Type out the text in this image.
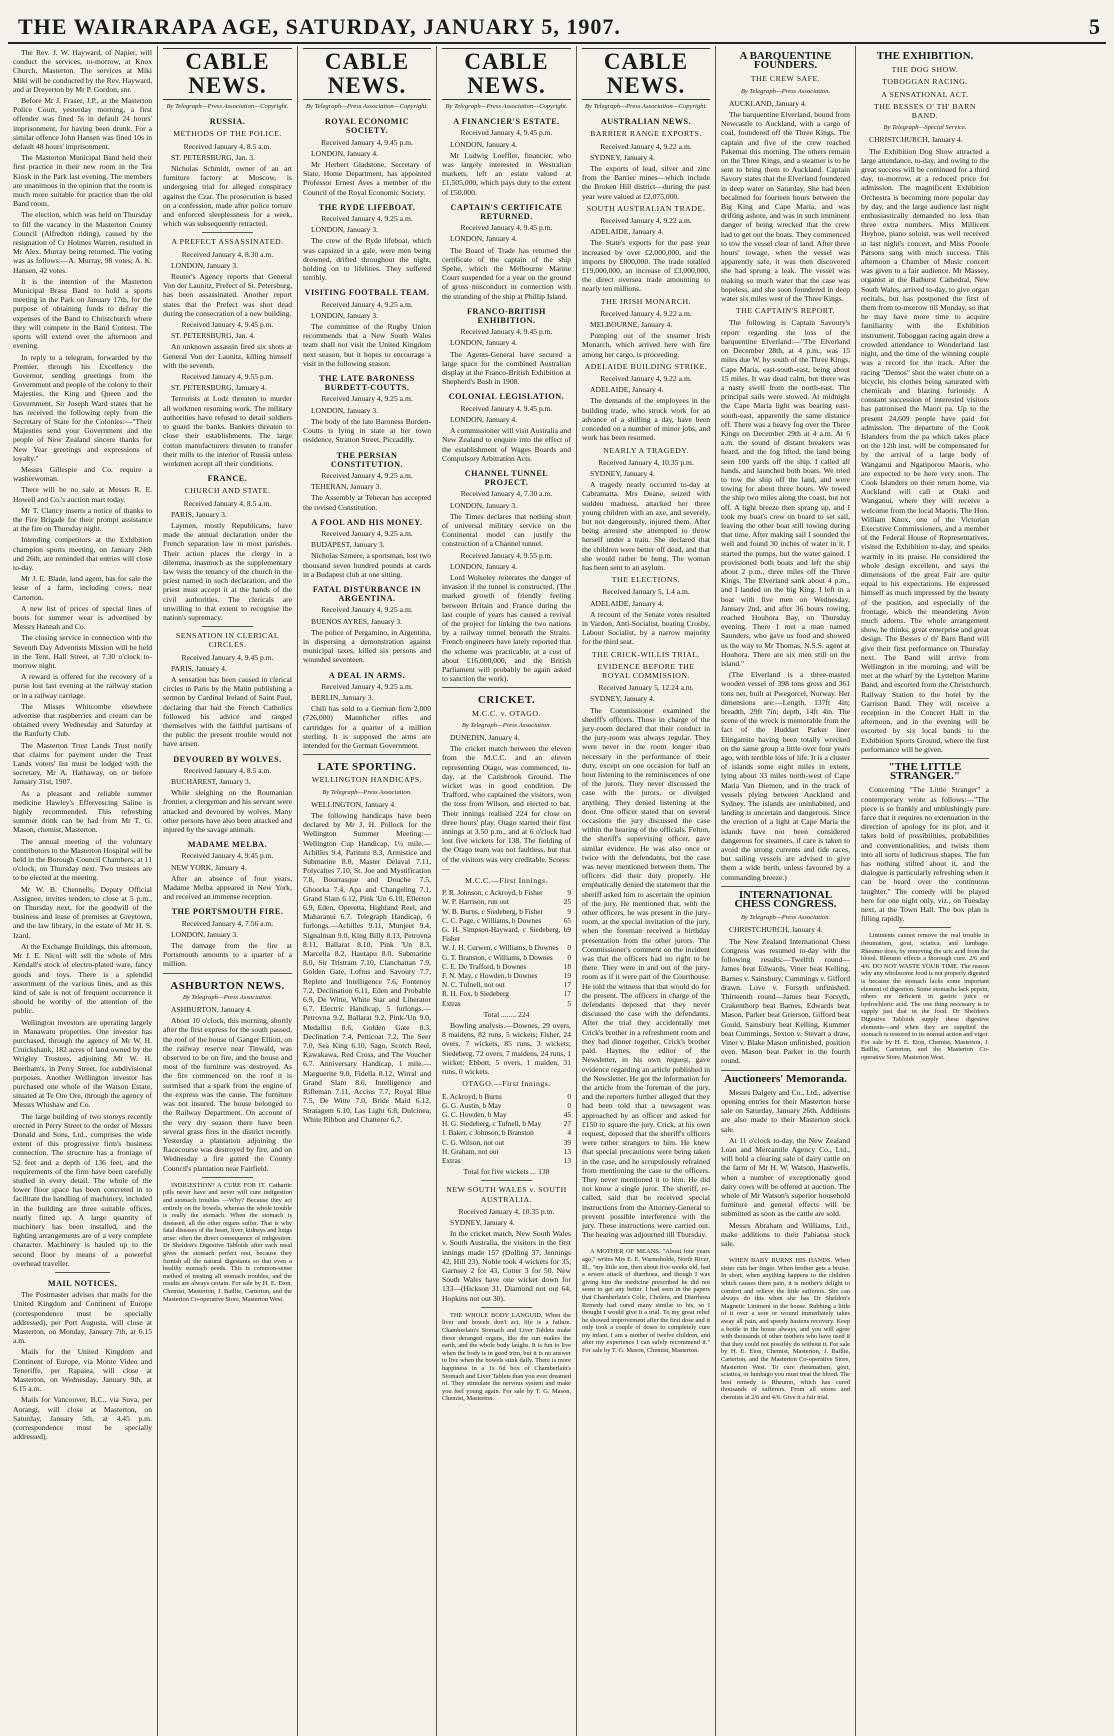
THE WAIRARAPA AGE, SATURDAY, JANUARY 5, 1907.	5

The Rev. J. W. Hayward, of Napier, will conduct the services, to-morrow, at Knox Church, Masterton. The services at Miki Miki will be conducted by the Rev. Hayward, and at Dreyerton by Mr P. Gordon, snr.

Before Mr J. Fraser, J.P., at the Masterton Police Court, yesterday morning, a first offender was fined 5s in default 24 hours' imprisonment, for having been drunk. For a similar offence John Hansen was fined 10s in default 48 hours' imprisonment.

The Masterton Municipal Band held their first practice in their new room in the Tea Kiosk in the Park last evening. The members are unanimous in the opinion that the room is much more suitable for practice than the old Band room.

The election, which was held on Thursday to fill the vacancy in the Masterton County Council (Alfredton riding), caused by the resignation of Cr Holmes Warren, resulted in Mr Alex. Murray being returned. The voting was as follows:—A. Murray, 98 votes; A. K. Hansen, 42 votes.

It is the intention of the Masterton Municipal Brass Band to hold a sports meeting in the Park on January 17th, for the purpose of obtaining funds to defray the expenses of the Band to Christchurch where they will compete in the Band Contest. The sports will extend over the afternoon and evening.

In reply to a telegram, forwarded by the Premier, through his Excellency the Governor, sending greetings from the Government and people of the colony to their Majesties, the King and Queen and the Government, Sir Joseph Ward states that he has received the following reply from the Secretary of State for the Colonies:—"Their Majesties send your Government and the people of New Zealand sincere thanks for New Year greetings and expressions of loyalty."

Messrs Gillespie and Co. require a washerwoman.

There will be no sale at Messrs R. E. Howell and Co.'s auction mart today.

Mr T. Clancy inserts a notice of thanks to the Fire Brigade for their prompt assistance at the fire on Thursday night.

Intending competitors at the Exhibition champion sports meeting, on January 24th and 26th, are reminded that entries will close to-day.

Mr J. E. Blade, land agent, has for sale the lease of a farm, including cows, near Carterton.

A new list of prices of special lines of boots for summer wear is advertised by Messrs Hannah and Co.

The closing service in connection with the Seventh Day Adventists Mission will be held in the Tent, Hall Street, at 7.30 o'clock to-morrow night.

A reward is offered for the recovery of a purse lost last evening at the railway station or in a railway carriage.

The Misses Whitcombe elsewhere advertise that raspberries and cream can be obtained every Wednesday and Saturday at the Ranfurly Club.

The Masterton Trust Lands Trust notify that claims for payment under the Trust Lands voters' list must be lodged with the secretary, Mr A. Hathaway, on or before January 31st, 1907.

As a pleasant and reliable summer medicine Hawley's Effervescing Saline is highly recommended. This refreshing summer drink can be had from Mr T. G. Mason, chemist, Masterton.

The annual meeting of the voluntary contributors to the Masterton Hospital will be held in the Borough Council Chambers, at 11 o'clock, on Thursday next. Two trustees are to be elected at the meeting.

Mr W. B. Chennells, Deputy Official Assignee, invites tenders to close at 5 p.m., on Thursday next, for the goodwill of the business and lease of premises at Greytown, and the law library, in the estate of Mr H. S. Izard.

At the Exchange Buildings, this afternoon, Mr J. E. Nicol will sell the whole of Mrs Kendall's stock of electro-plated ware, fancy goods and toys. There is a splendid assortment of the various lines, and as this kind of sale is not of frequent occurrence it should be worthy of the attention of the public.

Wellington investors are operating largely in Manawatu properties. One investor has purchased, through the agency of Mr W. H. Cruickshank, 182 acres of land owned by the Wrigley Trustees, adjoining Mr W. H. Beetham's, in Perry Street, for subdivisional purposes. Another Wellington investor has purchased one whole of the Watson Estate, situated at Te Ore Ore, through the agency of Messrs Whishaw and Co.

The large building of two storeys recently erected in Perry Street to the order of Messrs Donald and Sons, Ltd., comprises the wide extent of this progressive firm's business connection. The structure has a frontage of 52 feet and a depth of 136 feet, and the requirements of the firm have been carefully studied in every detail. The whole of the lower floor space has been concreted in to facilitate the handling of machinery, included in the building are three suitable offices, neatly fitted up. A large quantity of machinery has been installed, and the lighting arrangements are of a very complete character. Machinery is hauled up to the second floor by means of a powerful overhead traveller.

MAIL NOTICES.

The Postmaster advises that mails for the United Kingdom and Continent of Europe (correspondence must be specially addressed), per Port Augusta, will close at Masterton, on Monday, January 7th, at 6.15 a.m.

Mails for the United Kingdom and Continent of Europe, via Monte Video and Teneriffe, per Rapaiea, will close at Masterton, on Wednesday, January 9th, at 6.15 a.m.

Mails for Vancouver, B.C., via Suva, per Aorangi, will close at Masterton, on Saturday, January 5th, at 4.45 p.m. (correspondence must be specially addressed).

CABLE NEWS.
By Telegraph—Press Association—Copyright.
RUSSIA.
METHODS OF THE POLICE.

Received January 4, 8.5 a.m.

ST. PETERSBURG, Jan. 3.

Nicholas Schmidt, owner of an art furniture factory at Moscow, is undergoing trial for alleged conspiracy against the Czar. The prosecution is based on a confession, made after police torture and enforced sleeplessness for a week, which was subsequently retracted.

A PREFECT ASSASSINATED.

Received January 4, 8.30 a.m.

LONDON, January 3.

Reuter's Agency reports that General Von der Launitz, Prefect of St. Petersburg, has been assassinated. Another report states that the Prefect was shot dead during the consecration of a new building.

Received January 4, 9.45 p.m.

ST. PETERSBURG, Jan. 4.

An unknown assassin fired six shots at General Von der Launitz, killing himself with the seventh.

Received January 4, 9.55 p.m.

ST. PETERSBURG, January 4.

Terrorists at Lodz threaten to murder all workmen resuming work. The military authorities have refused to detail soldiers to guard the banks. Bankers threaten to close their establishments. The large cotton manufacturers threaten to transfer their mills to the interior of Russia unless workmen accept all their conditions.

FRANCE.
CHURCH AND STATE.

Received January 4, 8.5 a.m.

PARIS, January 3.

Laymen, mostly Republicans, have made the annual declaration under the French separation law in most parishes. Their action places the clergy in a dilemma, inasmuch as the supplementary law vests the tenancy of the church in the priest named in such declaration, and the priest must accept it at the hands of the civil authorities. The clericals are unwilling to that extent to recognise the nation's supremacy.

SENSATION IN CLERICAL CIRCLES.

Received January 4, 9.45 p.m.

PARIS, January 4.

A sensation has been caused in clerical circles in Paris by the Matin publishing a sermon by Cardinal Ireland of Saint Paul, declaring that had the French Catholics followed his advice and ranged themselves with the faithful partisans of the public the present trouble would not have arisen.

DEVOURED BY WOLVES.

Received January 4, 8.5 a.m.

BUCHAREST, January 3.

While sleighing on the Roumanian frontier, a clergyman and his servant were attacked and devoured by wolves. Many other persons have also been attacked and injured by the savage animals.

MADAME MELBA.

Received January 4, 9.45 p.m.

NEW YORK, January 4.

After an absence of four years, Madame Melba appeared in New York, and received an immense reception.

THE PORTSMOUTH FIRE.

Received January 4, 7.56 a.m.

LONDON, January 3.

The damage from the fire at Portsmouth amounts to a quarter of a million.

ASHBURTON NEWS.
By Telegraph—Press Association.

ASHBURTON, January 4.

About 10 o'clock, this morning, shortly after the first express for the south passed, the roof of the house of Ganger Elliott, on the railway reserve near Tinwald, was observed to be on fire, and the house and most of the furniture was destroyed. As the fire commenced on the roof it is surmised that a spark from the engine of the express was the cause. The furniture was not insured. The house belonged to the Railway Department. On account of the very dry season there have been several grass fires in the district recently. Yesterday a plantation adjoining the Racecourse was destroyed by fire, and on Wednesday a fire gutted the County Council's plantation near Fairfield.

INDIGESTION? A CURE FOR IT. Cathartic pills never have and never will cure indigestion and stomach troubles —Why? Because they act entirely on the bowels, whereas the whole trouble is really the stomach. When the stomach is diseased, all the other organs suffer. That is why fatal diseases of the heart, liver, kidneys and lungs arise: often the direct consequence of indigestion. Dr Sheldon's Digestive Tabloids after each meal gives the stomach perfect rest, because they furnish all the natural digestants so that even a healthy stomach needs. This is common-sense method of treating all stomach troubles, and the results are always certain. For sale by H. E. Eton, Chemist, Masterton, J. Baillie, Carterton, and the Masterton Co-operative Store, Masterton West.

CABLE NEWS.
By Telegraph—Press Association—Copyright.
ROYAL ECONOMIC SOCIETY.

Received January 4, 9.45 p.m.

LONDON, January 4.

Mr Herbert Gladstone, Secretary of State, Home Department, has appointed Professor Ernest Aves a member of the Council of the Royal Economic Society.

THE RYDE LIFEBOAT.

Received January 4, 9.25 a.m.

LONDON, January 3.

The crew of the Ryde lifeboat, which was capsized in a gale, were men being drowned, drifted throughout the night, holding on to lifelines. They suffered terribly.

VISITING FOOTBALL TEAM.

Received January 4, 9.25 a.m.

LONDON, January 3.

The committee of the Rugby Union recommends that a New South Wales team shall not visit the United Kingdom next season, but it hopes to encourage a visit in the following season.

THE LATE BARONESS BURDETT-COUTTS.

Received January 4, 9.25 a.m.

LONDON, January 3.

The body of the late Baroness Burdett-Coutts is lying in state at her town residence, Stratton Street, Piccadilly.

THE PERSIAN CONSTITUTION.

Received January 4, 9.25 a.m.

TEHERAN, January 3.

The Assembly at Teheran has accepted the revised Constitution.

A FOOL AND HIS MONEY.

Received January 4, 9.25 a.m.

BUDAPEST, January 3.

Nicholas Szmere, a sportsman, lost two thousand seven hundred pounds at cards in a Budapest club at one sitting.

FATAL DISTURBANCE IN ARGENTINA.

Received January 4, 9.25 a.m.

BUENOS AYRES, January 3.

The police of Pergamino, in Argentina, in dispersing a demonstration against municipal taxes, killed six persons and wounded seventeen.

A DEAL IN ARMS.

Received January 4, 9.25 a.m.

BERLIN, January 3.

Chili has sold to a German firm 2,000 (726,000) Mannlicher rifles and cartridges for a quarter of a million sterling. It is supposed the arms are intended for the German Government.

LATE SPORTING.
WELLINGTON HANDICAPS.
By Telegraph—Press Association.

WELLINGTON, January 4.

The following handicaps have been declared by Mr J. H. Pollock for the Wellington Summer Meeting:— Wellington Cup Handicap, 1½ mile.—Achilles 9.4, Paritutu 8.3, Armistice and Submarine 8.0, Master Delaval 7.11, Polycaltes 7.10, St. Joe and Mystification 7.8, Bourrasque and Douche 7.5, Ghoorka 7.4, Apa and Changeling 7.1, Grand Slam 6.12, Pink 'Un 6.10, Ellerton 6.9, Eden, Operetta, Highland Reel, and Maharanui 6.7. Telegraph Handicap, 6 furlongs.—Achilles 9.11, Munjeet 9.4, Signalman 9.0, King Billy 8.13, Petrovna 8.11, Ballarat 8.10, Pink 'Un 8.3, Marcella 8.2, Hautapu 8.0, Submarine 8.0, Sir Tristram 7.10, Clanchattan 7.9, Golden Gate, Loftus and Savoury 7.7, Replete and Intelligence 7.6, Fontenoy 7.2, Declination 6.11, Eden and Probable 6.9, De Witte, White Star and Liberator 6.7. Electric Handicap, 5 furlongs.—Petrovna 9.2, Ballarat 9.2, Pink-'Un 9.0, Medallist 8.6, Golden Gate 8.3, Declination 7.4, Petticoat 7.2, The Seer 7.0, Sea King 6.10, Sago, Scotch Reel, Kawakawa, Red Cross, and The Voucher 6.7. Anniversary Handicap, 1 mile.—Marguerite 9.0, Fidella 8.12, Wirral and Grand Slam 8.6, Intelligence and Rifleman 7.11, Accius 7.7, Royal Blue 7.5, De Witte 7.0, Bride Maid 6.12, Stratagem 6.10, Las Light 6.8, Dulcinea, White Ribbon and Chatterer 6.7.

CABLE NEWS.
By Telegraph—Press Association—Copyright.
A FINANCIER'S ESTATE.

Received January 4, 9.45 p.m.

LONDON, January 4.

Mr Ludwig Loeffler, financier, who was largely interested in Westralian markets, left an estate valued at £1,505,000, which pays duty to the extent of £50,000.

CAPTAIN'S CERTIFICATE RETURNED.

Received January 4, 9.45 p.m.

LONDON, January 4.

The Board of Trade has returned the certificate of the captain of the ship Spehe, which the Melbourne Marine Court suspended for a year on the ground of gross misconduct in connection with the stranding of the ship at Phillip Island.

FRANCO-BRITISH EXHIBITION.

Received January 4, 9.45 p.m.

LONDON, January 4.

The Agents-General have secured a large space for the combined Australian display at the Franco-British Exhibition at Shepherd's Bush in 1908.

COLONIAL LEGISLATION.

Received January 4, 9.45 p.m.

LONDON, January 4.

A commissioner will visit Australia and New Zealand to enquire into the effect of the establishment of Wages Boards and Compulsory Arbitration Acts.

CHANNEL TUNNEL PROJECT.

Received January 4, 7.30 a.m.

LONDON, January 3.

The Times declares that nothing short of universal military service on the Continental model can justify the construction of a Channel tunnel.

Received January 4, 9.55 p.m.

LONDON, January 4.

Lord Wolseley reiterates the danger of invasion if the tunnel is constructed. (The marked growth of friendly feeling between Britain and France during the last couple of years has caused a revival of the project for linking the two nations by a railway tunnel beneath the Straits. French engineers have lately reported that the scheme was practicable, at a cost of about £16,000,000, and the British Parliament will probably be again asked to sanction the work).

CRICKET.
M.C.C. v. OTAGO.
By Telegraph—Press Association.

DUNEDIN, January 4.

The cricket match between the eleven from the M.C.C. and an eleven representing Otago, was commenced, to-day, at the Carisbrook Ground. The wicket was in good condition. De Trafford, who captained the visitors, won the toss from Wilson, and elected to bat. Their innings realised 224 for close on three hours' play. Otago started their first innings at 3.50 p.m., and at 6 o'clock had lost five wickets for 138. The fielding of the Otago team was not faultless, but that of the visitors was very creditable. Scores:—

M.C.C.—First Innings.
P. R. Johnson, c Ackroyd, b Fisher	9
W. P. Harrison, run out	25
W. B. Burns, c Siedeberg, b Fisher	9
C. C. Page, c Williams, b Downes	65
G. H. Simpson-Hayward, c Siedeberg, b Fisher
9
W. J. H. Curwen, c Williams, b Downes 0
G. T. Branston, c Williams, b Downes 0
C. E. De Trafford, b Downes	18
F. N. May, c Howden, b Downes	19
N. C. Tufnell, not out	17
R. H. Fox, b Siedeberg	17
Extras	5

Total ........ 224

Bowling analysis.—Downes, 29 overs, 8 maidens, 82 runs, 5 wickets; Fisher, 24 overs, 7 wickets, 85 runs, 3 wickets; Siedeberg, 72 overs, 7 maidens, 24 runs, 1 wicket; Ebbott, 5 overs, 1 maiden, 31 runs, 0 wickets.

OTAGO.—First Innings.
E. Ackroyd, b Burns	0
G. G. Austin, b May	0
G. C. Howden, b May	45
H. G. Siedeberg, c Tufnell, b May	27
J. Baker, c Johnson, b Branston	4
C. G. Wilson, not out	39
H. Graham, not out	13
Extras	13

Total for five wickets ... 138

NEW SOUTH WALES v. SOUTH AUSTRALIA.

Received January 4, 10.35 p.m.

SYDNEY, January 4.

In the cricket match, New South Wales v. South Australia, the visitors in the first innings made 157 (Dolling 37, Jennings 42, Hill 23). Noble took 4 wickets for 35, Garnsey 2 for 43, Cotter 3 for 50. New South Wales have one wicket down for 133—(Hickson 31, Diamond not out 64, Hopkins not out 30).

THE WHOLE BODY LANGUID. When the liver and bowels don't act, life is a failure. Chamberlain's Stomach and Liver Tablets make those deranged organs, like the sun makes the earth, and the whole body laughs. It is fun to live when the body is in good trim, but it is no answer to live when the bowels stink daily. There is more happiness in a 1s 6d box of Chamberlain's Stomach and Liver Tablets than you ever dreamed of. They stimulate the nervous system and make you feel young again. For sale by T. G. Mason, Chemist, Masterton.

CABLE NEWS.
By Telegraph—Press Association—Copyright.
AUSTRALIAN NEWS.
BARRIER RANGE EXPORTS.

Received January 4, 9.22 a.m.

SYDNEY, January 4.

The exports of lead, silver and zinc from the Barrier mines—which include the Broken Hill district—during the past year were valued at £2,075,000.

SOUTH AUSTRALIAN TRADE.

Received January 4, 9.22 a.m.

ADELAIDE, January 4.

The State's exports for the past year increased by over £2,000,000, and the imports by £800,000. The trade totalled £19,000,000, an increase of £3,000,000, the direct oversea trade amounting to nearly ten millions.

THE IRISH MONARCH.

Received January 4, 9.22 a.m.

MELBOURNE, January 4.

Pumping out of the steamer Irish Monarch, which arrived here with fire among her cargo, is proceeding.

ADELAIDE BUILDING STRIKE.

Received January 4, 9.22 a.m.

ADELAIDE, January 4.

The demands of the employees in the building trade, who struck work for an advance of a shilling a day, have been conceded on a number of minor jobs, and work has been resumed.

NEARLY A TRAGEDY.

Received January 4, 10.35 p.m.

SYDNEY, January 4.

A tragedy nearly occurred to-day at Cabramatta. Mrs Deane, seized with sudden madness, attacked her three young children with an axe, and severely, but not dangerously, injured them. After being arrested she attempted to throw herself under a train. She declared that the children were better off dead, and that she would rather be hung. The woman has been sent to an asylum.

THE ELECTIONS.

Received January 5, 1.4 a.m.

ADELAIDE, January 4.

A recount of the Senate votes resulted in Vardon, Anti-Socialist, beating Crosby, Labour Socialist, by a narrow majority for the third seat.

THE CRICK-WILLIS TRIAL.
EVIDENCE BEFORE THE ROYAL COMMISSION.

Received January 5, 12.24 a.m.

SYDNEY, January 4.

The Commissioner examined the sheriff's officers. Those in charge of the jury-room declared that their conduct in the jury-room was always regular. They were never in the room longer than necessary in the performance of their duty, except on one occasion for half an hour listening to the reminiscences of one of the jurors. They never discussed the case with the jurors, or divulged anything. They denied listening at the door. One officer stated that on several occasions the jury discussed the case within the hearing of the officials. Felton, the sheriff's supervising officer, gave similar evidence. He was also once or twice with the defendants, but the case was never mentioned between them. The officers did their duty properly. He emphatically denied the statement that the sheriff asked him to ascertain the opinion of the jury. He mentioned that, with the other officers, he was present in the jury-room, at the special invitation of the jury, when the foreman received a birthday presentation from the other jurors. The Commissioner's comment on the incident was that the officers had no right to be there. They were in and out of the jury-room as if it were part of the Courthouse. He told the witness that that would do for the present. The officers in charge of the defendants deposed that they never discussed the case with the defendants. After the trial they accidentally met Crick's brother in a refreshment room and they had dinner together, Crick's brother paid. Haynes, the editor of the Newsletter, in his own request, gave evidence regarding an article published in the Newsletter. He got the information for the article from the foreman of the jury, and the reporters further alleged that they had been told that a newsagent was approached by an officer and asked for £150 to square the jury. Crick, at his own request, deposed that the sheriff's officers were rather strangers to him. He knew that special precautions were being taken in the case, and he scrupulously refrained from mentioning the case to the officers. They never mentioned it to him. He did not know a single juror. The sheriff, re-called, said that he received special instructions from the Attorney-General to prevent possible interference with the jury. These instructions were carried out. The hearing was adjourned till Thursday.

A MOTHER OF MEANS. "About four years ago," writes Mrs E. E. Warmsholde, North River, Ill., "my little son, then about five weeks old, had a severe attack of diarrhoea, and though I was giving him the medicine prescribed he did not seem to get any better. I had seen in the papers that Chamberlain's Colic, Cholera, and Diarrhoea Remedy had cured many similar to his, so I thought I would give it a trial. To my great relief he showed improvement after the first dose and it only took a couple of doses to completely cure my infant. I am a mother of twelve children, and after my experience I can safely recommend it." For sale by T. G. Mason, Chemist, Masterton.

A BARQUENTINE FOUNDERS.
THE CREW SAFE.
By Telegraph—Press Association.

AUCKLAND, January 4.

The barquentine Elverland, bound from Newcastle to Auckland, with a cargo of coal, foundered off the Three Kings. The captain and five of the crew reached Pakemai this morning. The others remain on the Three Kings, and a steamer is to be sent to bring them to Auckland. Captain Savory states that the Elverland foundered in deep water on Saturday. She had been becalmed for fourteen hours between the Big King and Cape Maria, and was drifting ashore, and was in such imminent danger of being wrecked that the crew had to get out the boats. They commenced to tow the vessel clear of land. After three hours' towage, when the vessel was apparently safe, it was then discovered she had sprung a leak. The vessel was making so much water that the case was hopeless, and she soon foundered in deep water six miles west of the Three Kings.

THE CAPTAIN'S REPORT.

The following is Captain Savoury's report regarding the loss of the barquentine Elverland:—"The Elverland on December 28th, at 4 p.m., was 15 miles due W. by south of the Three Kings, Cape Maria, east-south-east, being about 15 miles. It was dead calm, but there was a nasty swell from the north-east. The principal sails were stowed. At midnight the Cape Maria light was bearing east-south-east, apparently the same distance off. There was a heavy fog over the Three Kings on December 29th at 4 a.m. At 6 a.m. the sound of distant breakers was heard, and the fog lifted, the land being seen 100 yards off the ship. I called all hands, and launched both boats. We tried to tow the ship off the land, and were towing for about three hours. We towed the ship two miles along the coast, but not off. A light breeze then sprang up, and I took my boat's crew on board to set sail, leaving the other boat still towing during that time. After making sail I sounded the well and found 30 inches of water in it. I started the pumps, but the water gained. I provisioned both boats and left the ship about 2 p.m., three miles off the Three Kings. The Elverland sank about 4 p.m., and I landed on the big King. I left in a boat with five men on Wednesday, January 2nd, and after 36 hours rowing, reached Houhora Bay, on Thursday evening. There I met a man named Saunders, who gave us food and showed us the way to Mr Thomas, N.S.S. agent at Houhora. There are six men still on the island."

(The Elverland is a three-masted wooden vessel of 398 tons gross and 361 tons net, built at Pwegorcel, Norway. Her dimensions are:—Length, 137ft 4in; breadth, 29ft 7in; depth, 14ft 4in. The scene of the wreck is memorable from the fact of the Huddart Parker liner Elingamite having been totally wrecked on the same group a little over four years ago, with terrible loss of life. It is a cluster of islands some eight miles in extent, lying about 33 miles north-west of Cape Maria Van Diemen, and in the track of vessels plying between Auckland and Sydney. The islands are uninhabited, and landing is uncertain and dangerous. Since the erection of a light at Cape Maria the islands have not been considered dangerous for steamers, if care is taken to avoid the strong currents and tide races, but sailing vessels are advised to give them a wide berth, unless favoured by a commanding breeze.)

INTERNATIONAL CHESS CONGRESS.
By Telegraph—Press Association.

CHRISTCHURCH, January 4.

The New Zealand International Chess Congress was resumed to-day with the following results:—Twelfth round—James beat Edwards, Viner beat Kelling, Barnes v. Sainsbury, Cummings v. Gifford drawn. Love v. Forsyth unfinished. Thirteenth round—James beat Forsyth, Crakenthorp beat Barnes, Edwards beat Mason, Parker beat Grierson, Gifford beat Gould, Sainsbury beat Kelling, Kummer beat Cummings, Sexton v. Stevart a draw, Viner v. Blake Mason unfinished, position even. Mason beat Parker in the fourth round.

Auctioneers' Memoranda.

Messrs Dalgety and Co., Ltd., advertise opening entries for their Masterton horse sale on Saturday, January 26th. Additions are also made to their Masterton stock sale.

At 11 o'clock to-day, the New Zealand Loan and Mercantile Agency Co., Ltd., will hold a clearing sale of dairy cattle on the farm of Mr H. W. Watson, Hastwells, when a number of exceptionally good dairy cows will be offered at auction. The whole of Mr Watson's superior household furniture and general effects will be submitted as soon as the cattle are sold.

Messrs Abraham and Williams, Ltd., make additions to their Pahiatua stock sale.

WHEN BABY BURNS HIS HANDS. When sister cuts her finger. When brother gets a bruise. In short, when anything happens to the children which causes them pain, it is mother's delight to comfort and relieve the little sufferers. She can always do this when she has Dr Sheldon's Magnetic Liniment in the house. Rubbing a little of it over a sore or wound immediately takes away all pain, and speedy hastens recovery. Keep a bottle in the house always, and you will agree with thousands of other mothers who have used it that they could not possibly do without it. For sale by H. E. Eton, Chemist, Masterton, J. Baillie, Carterton, and the Masterton Co-operative Store, Masterton West. To cure rheumatism, gout, sciatica, or lumbago you must treat the blood. The best remedy is Rheumo, which has cured thousands of sufferers. From all stores and chemists at 2/6 and 4/6. Give it a fair trial.

THE EXHIBITION.
THE DOG SHOW.
TOBOGGAN RACING.
A SENSATIONAL ACT.
THE BESSES O' TH' BARN BAND.
By Telegraph—Special Service.

CHRISTCHURCH, January 4.

The Exhibition Dog Show attracted a large attendance, to-day, and owing to the great success will be continued for a third day, to-morrow, at a reduced price for admission. The magnificent Exhibition Orchestra is becoming more popular day by day, and the large audience last night enthusiastically demanded no less than three extra numbers. Miss Millicent Heyhoe, piano soloist, was well received at last night's concert, and Miss Pooole Parsons sang with much success. This afternoon a Chamber of Music concert was given to a fair audience. Mr Massey, organist at the Bathurst Cathedral, New South Wales, arrived to-day, to give organ recitals, but has postponed the first of them from to-morrow till Monday, so that he may have more time to acquire familiarity with the Exhibition instrument. Toboggan racing again drew a crowded attendance to Wonderland last night, and the time of the winning couple was a record for the track. After the racing "Demos" shot the water chute on a bicycle, his clothes being saturated with chemicals and blazing furiously. A constant succession of interested visitors has patronised the Maori pa. Up to the present 24,609 people have paid for admission. The departure of the Cook Islanders from the pa which takes place on the 12th inst. will be compensated for by the arrival of a large body of Wanganui and Ngatiporou Maoris, who are expected to be here very soon. The Cook Islanders on their return home, via Auckland will call at Otaki and Wanganui, where they will receive a welcome from the local Maoris. The Hon. William Knox, one of the Victorian Executive Commissioners, and a member of the Federal House of Representatives, visited the Exhibition to-day, and speaks warmly in its praise. He considered the whole design excellent, and says the dimensions of the great Fair are quite equal to his expectations. He expressed himself as much impressed by the beauty of the position, and especially of the frontage, which the meandering Avon much adorns. The whole arrangement show, he thinks, great enterprise and great design. The Besses o' th' Barn Band will give their first performance on Thursday next. The Band will arrive from Wellington in the morning, and will be met at the wharf by the Lyttelton Marine Band, and escorted from the Christchurch Railway Station to the hotel by the Garrison Band. They will receive a reception in the Concert Hall in the afternoon, and in the evening will be escorted by six local bands to the Exhibition Sports Ground, where the first performance will be given.

"THE LITTLE STRANGER."

Concerning "The Little Stranger" a contemporary wrote as follows:—"The piece is so frankly and unblushingly pure farce that it requires no extenuation in the direction of apology for its plot, and it takes hold of possibilities, probabilities and conventionalities, and twists them into all sorts of ludicrous shapes. The fun has nothing stilted about it, and the dialogue is particularly refreshing when it can be heard over the continuous laughter." The comedy will be played here for one night only, viz., on Tuesday next, at the Town Hall. The box plan is filling rapidly.

Liniments cannot remove the real trouble in rheumatism, gout, sciatica, and lumbago. Rheumo does, by removing the uric acid from the blood. Rheumo effects a thorough cure. 2/6 and 4/6. DO NOT WASTE YOUR TIME. The reason why any wholesome food is not properly digested is because the stomach lacks some important element of digestion. Some stomachs lack pepsin, others are deficient in gastric juice or hydrochloric acid. The one thing necessary is to supply just that in the food. Dr Sheldon's Digestive Tabloids supply these digestive elements—and when they are supplied the stomach is restored to its normal action and vigor. For sale by H. E. Eton, Chemist, Masterton, J. Baillie, Carterton, and the Masterton Co-operative Store, Masterton West.
